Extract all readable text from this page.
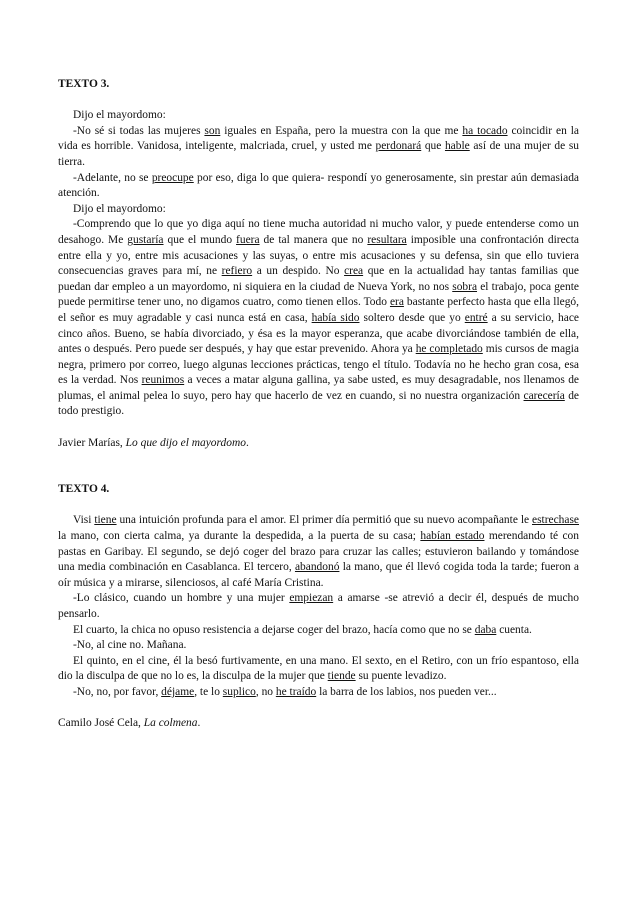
TEXTO 3.

Dijo el mayordomo:

-No sé si todas las mujeres son iguales en España, pero la muestra con la que me ha tocado coincidir en la vida es horrible. Vanidosa, inteligente, malcriada, cruel, y usted me perdonará que hable así de una mujer de su tierra.

-Adelante, no se preocupe por eso, diga lo que quiera- respondí yo generosamente, sin prestar aún demasiada atención.

Dijo el mayordomo:

-Comprendo que lo que yo diga aquí no tiene mucha autoridad ni mucho valor, y puede entenderse como un desahogo. Me gustaría que el mundo fuera de tal manera que no resultara imposible una confrontación directa entre ella y yo, entre mis acusaciones y las suyas, o entre mis acusaciones y su defensa, sin que ello tuviera consecuencias graves para mí, ne refiero a un despido. No crea que en la actualidad hay tantas familias que puedan dar empleo a un mayordomo, ni siquiera en la ciudad de Nueva York, no nos sobra el trabajo, poca gente puede permitirse tener uno, no digamos cuatro, como tienen ellos. Todo era bastante perfecto hasta que ella llegó, el señor es muy agradable y casi nunca está en casa, había sido soltero desde que yo entré a su servicio, hace cinco años. Bueno, se había divorciado, y ésa es la mayor esperanza, que acabe divorciándose también de ella, antes o después. Pero puede ser después, y hay que estar prevenido. Ahora ya he completado mis cursos de magia negra, primero por correo, luego algunas lecciones prácticas, tengo el título. Todavía no he hecho gran cosa, esa es la verdad. Nos reunimos a veces a matar alguna gallina, ya sabe usted, es muy desagradable, nos llenamos de plumas, el animal pelea lo suyo, pero hay que hacerlo de vez en cuando, si no nuestra organización carecería de todo prestigio.

Javier Marías, Lo que dijo el mayordomo.

TEXTO 4.

Visi tiene una intuición profunda para el amor. El primer día permitió que su nuevo acompañante le estrechase la mano, con cierta calma, ya durante la despedida, a la puerta de su casa; habían estado merendando té con pastas en Garibay. El segundo, se dejó coger del brazo para cruzar las calles; estuvieron bailando y tomándose una media combinación en Casablanca. El tercero, abandonó la mano, que él llevó cogida toda la tarde; fueron a oír música y a mirarse, silenciosos, al café María Cristina.

-Lo clásico, cuando un hombre y una mujer empiezan a amarse -se atrevió a decir él, después de mucho pensarlo.

El cuarto, la chica no opuso resistencia a dejarse coger del brazo, hacía como que no se daba cuenta.

-No, al cine no. Mañana.

El quinto, en el cine, él la besó furtivamente, en una mano. El sexto, en el Retiro, con un frío espantoso, ella dio la disculpa de que no lo es, la disculpa de la mujer que tiende su puente levadizo.

-No, no, por favor, déjame, te lo suplico, no he traído la barra de los labios, nos pueden ver...

Camilo José Cela, La colmena.
